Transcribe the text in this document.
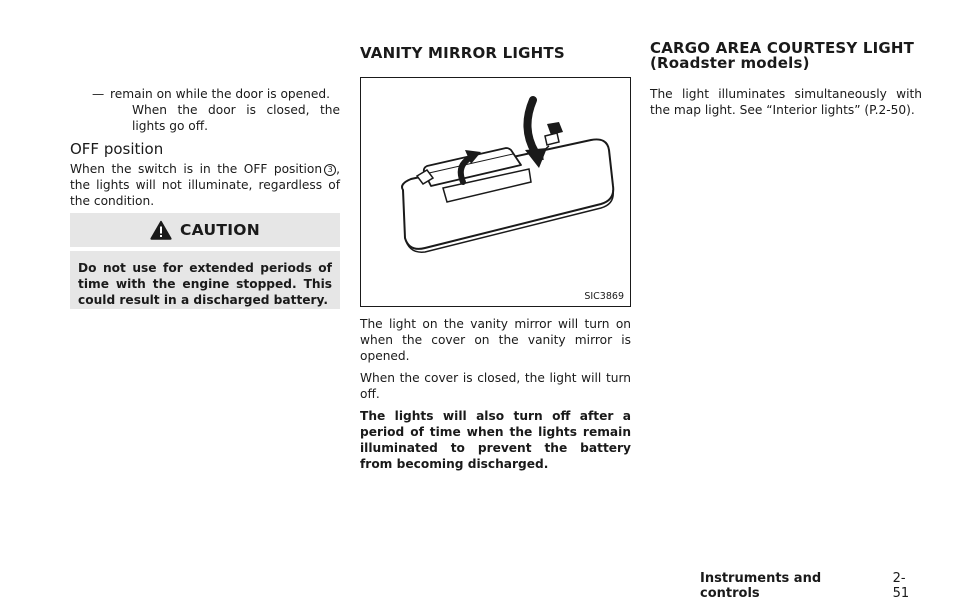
— remain on while the door is opened.
When the door is closed, the lights go off.
OFF position

When the switch is in the OFF position 3 , the lights will not illuminate, regardless of the condition.

CAUTION
Do not use for extended periods of time with the engine stopped. This could result in a discharged battery.
VANITY MIRROR LIGHTS
SIC3869

The light on the vanity mirror will turn on when the cover on the vanity mirror is opened.

When the cover is closed, the light will turn off.

The lights will also turn off after a period of time when the lights remain illuminated to prevent the battery from becoming discharged.

CARGO AREA COURTESY LIGHT
(Roadster models)

The light illuminates simultaneously with the map light. See “Interior lights” (P.2-50).

Instruments and controls
2-51
